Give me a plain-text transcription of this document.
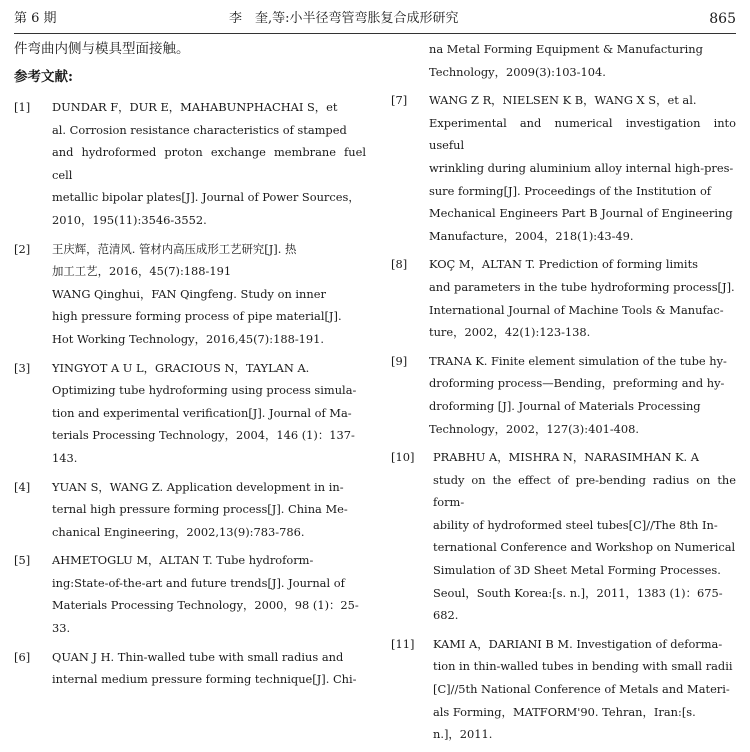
第 6 期	李　奎,等:小半径弯管弯胀复合成形研究	865

件弯曲内侧与模具型面接触。

参考文献:

[1] DUNDAR F，DUR E，MAHABUNPHACHAI S，et
al. Corrosion resistance characteristics of stamped
and hydroformed proton exchange membrane fuel cell
metallic bipolar plates[J]. Journal of Power Sources，
2010，195(11):3546-3552.
[2] 王庆辉，范清风. 管材内高压成形工艺研究[J]. 热
加工工艺，2016，45(7):188-191
WANG Qinghui，FAN Qingfeng. Study on inner
high pressure forming process of pipe material[J].
Hot Working Technology，2016,45(7):188-191.
[3] YINGYOT A U L，GRACIOUS N，TAYLAN A.
Optimizing tube hydroforming using process simula-
tion and experimental verification[J]. Journal of Ma-
terials Processing Technology，2004，146 (1)：137-
143.
[4] YUAN S，WANG Z. Application development in in-
ternal high pressure forming process[J]. China Me-
chanical Engineering，2002,13(9):783-786.
[5] AHMETOGLU M，ALTAN T. Tube hydroform-
ing:State-of-the-art and future trends[J]. Journal of
Materials Processing Technology，2000，98 (1)：25-
33.
[6] QUAN J H. Thin-walled tube with small radius and
internal medium pressure forming technique[J]. Chi-
na Metal Forming Equipment & Manufacturing
Technology，2009(3):103-104.
[7] WANG Z R，NIELSEN K B，WANG X S，et al.
Experimental and numerical investigation into useful
wrinkling during aluminium alloy internal high-pres-
sure forming[J]. Proceedings of the Institution of
Mechanical Engineers Part B Journal of Engineering
Manufacture，2004，218(1):43-49.
[8] KOÇ M，ALTAN T. Prediction of forming limits
and parameters in the tube hydroforming process[J].
International Journal of Machine Tools & Manufac-
ture，2002，42(1):123-138.
[9] TRANA K. Finite element simulation of the tube hy-
droforming process—Bending，preforming and hy-
droforming [J]. Journal of Materials Processing
Technology，2002，127(3):401-408.
[10] PRABHU A，MISHRA N，NARASIMHAN K. A
study on the effect of pre-bending radius on the form-
ability of hydroformed steel tubes[C]//The 8th In-
ternational Conference and Workshop on Numerical
Simulation of 3D Sheet Metal Forming Processes.
Seoul，South Korea:[s. n.]，2011，1383 (1)：675-
682.
[11] KAMI A，DARIANI B M. Investigation of deforma-
tion in thin-walled tubes in bending with small radii
[C]//5th National Conference of Metals and Materi-
als Forming，MATFORM'90. Tehran，Iran:[s.
n.]，2011.
